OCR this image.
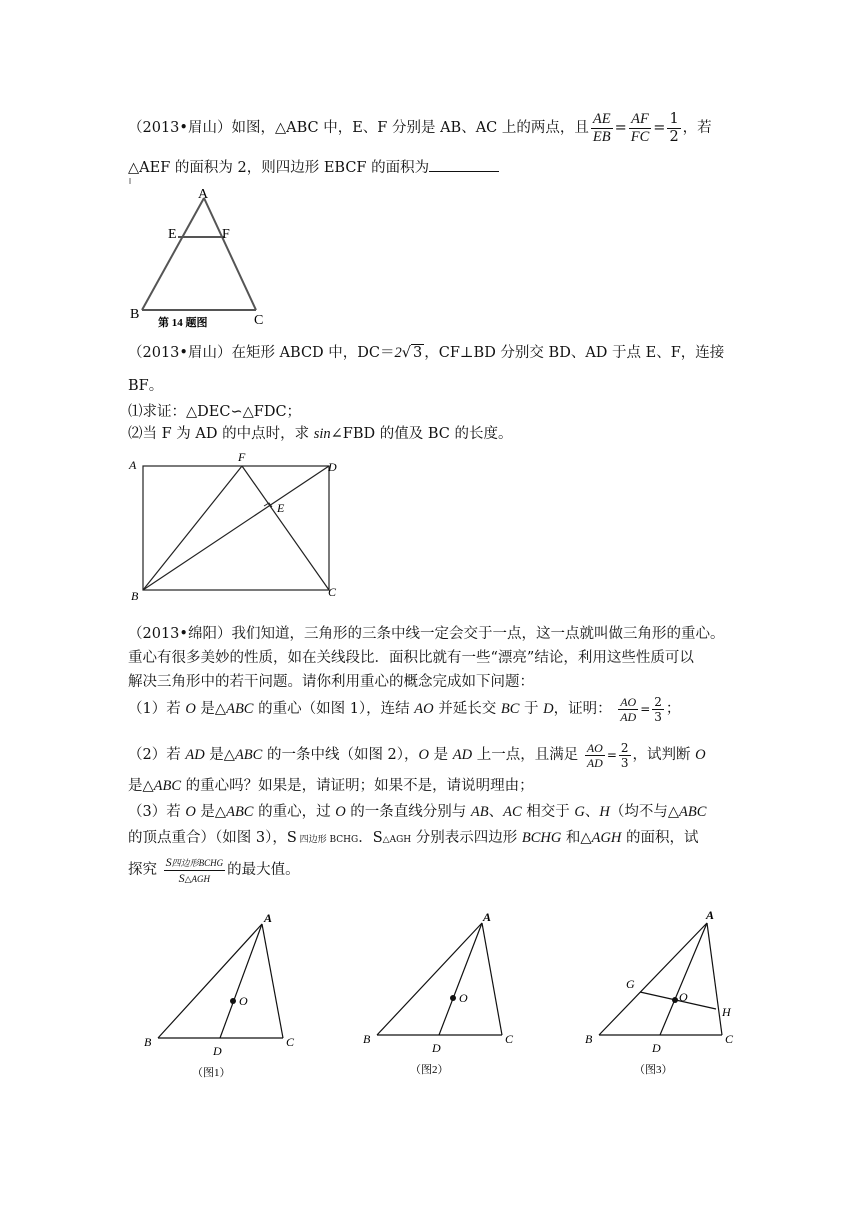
（2013•眉山）如图，△ABC 中，E、F 分别是 AB、AC 上的两点，且 $\frac{AE}{EB} = \frac{AF}{FC} = \frac{1}{2}$ ，若
△AEF 的面积为 2，则四边形 EBCF 的面积为
A
E	F
B	C
第 14 题图
（2013•眉山）在矩形 ABCD 中，DC＝2√ 3 ，CF⊥BD 分别交 BD、AD 于点 E、F，连接
BF。
⑴求证：△DEC∽△FDC；
⑵当 F 为 AD 的中点时，求 sin∠FBD 的值及 BC 的长度。
A
F
D
E
B	C
（2013•绵阳）我们知道，三角形的三条中线一定会交于一点，这一点就叫做三角形的重心。
重心有很多美妙的性质，如在关线段比．面积比就有一些“漂亮”结论，利用这些性质可以
解决三角形中的若干问题。请你利用重心的概念完成如下问题：
（1）若 O 是△ABC 的重心（如图 1），连结 AO 并延长交 BC 于 D，证明： $\frac{AO}{AD} = \frac{2}{3}$ ；
（2）若 AD 是△ABC 的一条中线（如图 2），O 是 AD 上一点，且满足 $\frac{AO}{AD} = \frac{2}{3}$ ，试判断 O
是△ABC 的重心吗？如果是，请证明；如果不是，请说明理由；
（3）若 O 是△ABC 的重心，过 O 的一条直线分别与 AB、AC 相交于 G、H（均不与△ABC
的顶点重合）（如图 3），S 四边形 BCHG．S△AGH 分别表示四边形 BCHG 和△AGH 的面积，试
探究 $\frac{\text{S四边形BCHG}}{\text{S△AGH}}$ 的最大值。
A
O
B	C
D
（图1）
A
O
B	C
D
（图2）
A
G
O
H
B	C
D
（图3）
